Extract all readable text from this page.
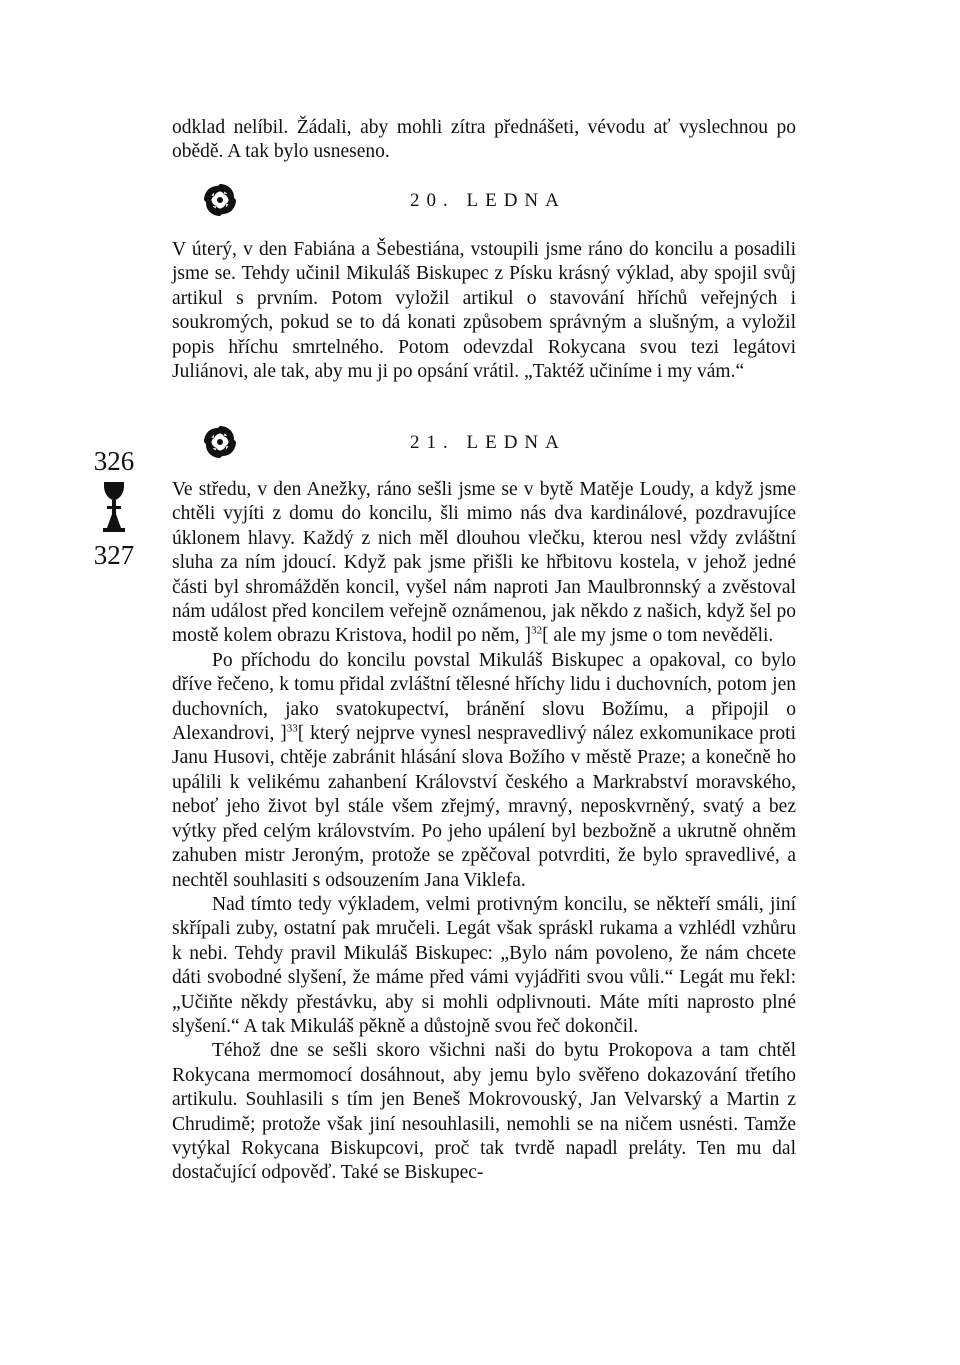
odklad nelíbil. Žádali, aby mohli zítra přednášeti, vévodu ať vyslechnou po obědě. A tak bylo usneseno.

20. LEDNA

V úterý, v den Fabiána a Šebestiána, vstoupili jsme ráno do koncilu a posadili jsme se. Tehdy učinil Mikuláš Biskupec z Písku krásný výklad, aby spojil svůj artikul s prvním. Potom vyložil artikul o stavování hříchů veřejných i soukromých, pokud se to dá konati způsobem správným a slušným, a vyložil popis hříchu smrtelného. Potom odevzdal Rokycana svou tezi legátovi Juliánovi, ale tak, aby mu ji po opsání vrátil. „Taktéž učiníme i my vám.“

326
327
21. LEDNA

Ve středu, v den Anežky, ráno sešli jsme se v bytě Matěje Loudy, a když jsme chtěli vyjíti z domu do koncilu, šli mimo nás dva kardinálové, pozdravujíce úklonem hlavy. Každý z nich měl dlouhou vlečku, kterou nesl vždy zvláštní sluha za ním jdoucí. Když pak jsme přišli ke hřbitovu kostela, v jehož jedné části byl shromážděn koncil, vyšel nám naproti Jan Maulbronnský a zvěstoval nám událost před koncilem veřejně oznámenou, jak někdo z našich, když šel po mostě kolem obrazu Kristova, hodil po něm, ]$^{32}$[ ale my jsme o tom nevěděli.

Po příchodu do koncilu povstal Mikuláš Biskupec a opakoval, co bylo dříve řečeno, k tomu přidal zvláštní tělesné hříchy lidu i duchovních, potom jen duchovních, jako svatokupectví, bránění slovu Božímu, a připojil o Alexandrovi, ]$^{33}$[ který nejprve vynesl nespravedlivý nález exkomunikace proti Janu Husovi, chtěje zabránit hlásání slova Božího v městě Praze; a konečně ho upálili k velikému zahanbení Království českého a Markrabství moravského, neboť jeho život byl stále všem zřejmý, mravný, neposkvrněný, svatý a bez výtky před celým královstvím. Po jeho upálení byl bezbožně a ukrutně ohněm zahuben mistr Jeroným, protože se zpěčoval potvrditi, že bylo spravedlivé, a nechtěl souhlasiti s odsouzením Jana Viklefa.

Nad tímto tedy výkladem, velmi protivným koncilu, se někteří smáli, jiní skřípali zuby, ostatní pak mručeli. Legát však spráskl rukama a vzhlédl vzhůru k nebi. Tehdy pravil Mikuláš Biskupec: „Bylo nám povoleno, že nám chcete dáti svobodné slyšení, že máme před vámi vyjádřiti svou vůli.“ Legát mu řekl: „Učiňte někdy přestávku, aby si mohli odplivnouti. Máte míti naprosto plné slyšení.“ A tak Mikuláš pěkně a důstojně svou řeč dokončil.

Téhož dne se sešli skoro všichni naši do bytu Prokopova a tam chtěl Rokycana mermomocí dosáhnout, aby jemu bylo svěřeno dokazování třetího artikulu. Souhlasili s tím jen Beneš Mokrovouský, Jan Velvarský a Martin z Chrudimě; protože však jiní nesouhlasili, nemohli se na ničem usnésti. Tamže vytýkal Rokycana Biskupcovi, proč tak tvrdě napadl preláty. Ten mu dal dostačující odpověď. Také se Biskupec-
